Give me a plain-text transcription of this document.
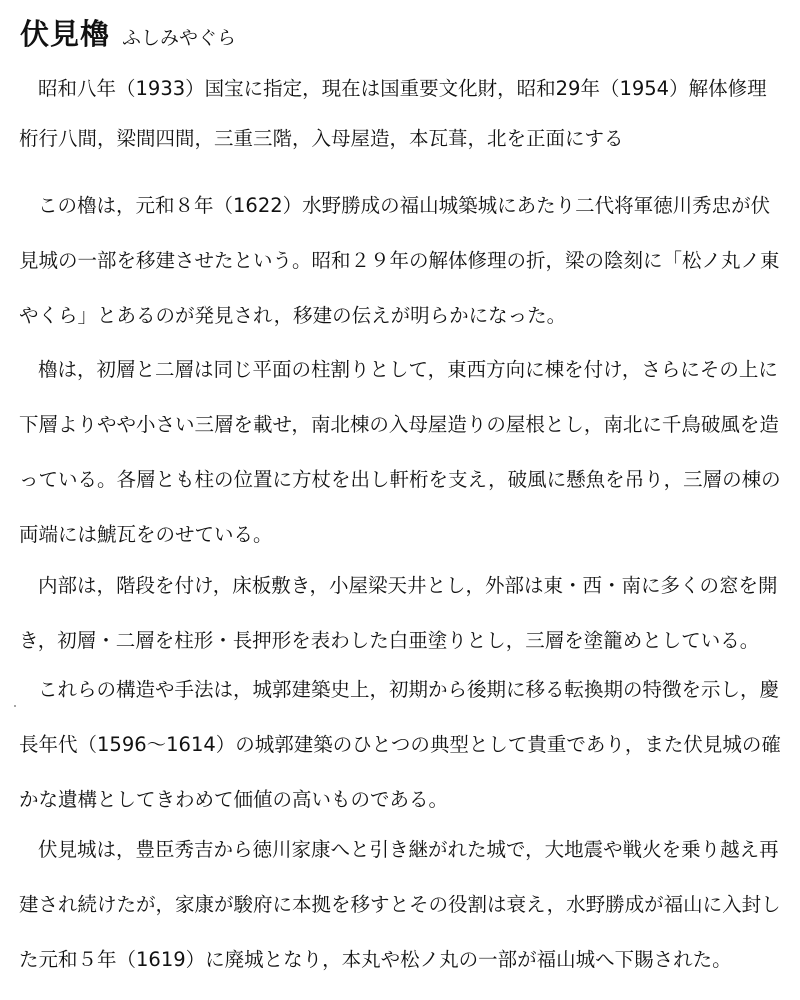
伏見櫓 ふしみやぐら

昭和八年（1933）国宝に指定，現在は国重要文化財，昭和29年（1954）解体修理 桁行八間，梁間四間，三重三階，入母屋造，本瓦葺，北を正面にする

この櫓は，元和８年（1622）水野勝成の福山城築城にあたり二代将軍徳川秀忠が伏見城の一部を移建させたという。昭和２９年の解体修理の折，梁の陰刻に「松ノ丸ノ東やくら」とあるのが発見され，移建の伝えが明らかになった。

櫓は，初層と二層は同じ平面の柱割りとして，東西方向に棟を付け，さらにその上に下層よりやや小さい三層を載せ，南北棟の入母屋造りの屋根とし，南北に千鳥破風を造っている。各層とも柱の位置に方杖を出し軒桁を支え，破風に懸魚を吊り，三層の棟の両端には鯱瓦をのせている。

内部は，階段を付け，床板敷き，小屋梁天井とし，外部は東・西・南に多くの窓を開き，初層・二層を柱形・長押形を表わした白亜塗りとし，三層を塗籠めとしている。

これらの構造や手法は，城郭建築史上，初期から後期に移る転換期の特徴を示し，慶長年代（1596～1614）の城郭建築のひとつの典型として貴重であり，また伏見城の確かな遺構としてきわめて価値の高いものである。

伏見城は，豊臣秀吉から徳川家康へと引き継がれた城で，大地震や戦火を乗り越え再建され続けたが，家康が駿府に本拠を移すとその役割は衰え，水野勝成が福山に入封した元和５年（1619）に廃城となり，本丸や松ノ丸の一部が福山城へ下賜された。
